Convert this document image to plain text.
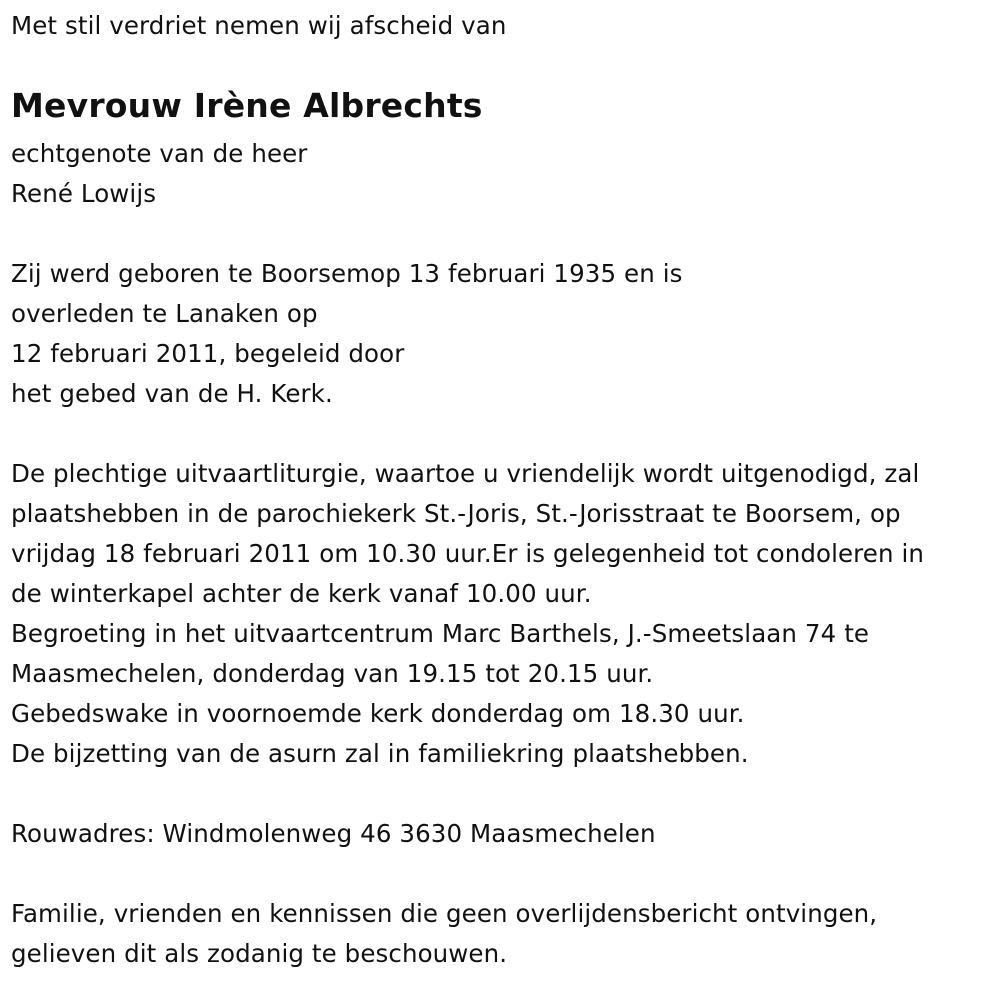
Met stil verdriet nemen wij afscheid van
Mevrouw Irène Albrechts
echtgenote van de heer
René Lowijs
Zij werd geboren te Boorsemop 13 februari 1935 en is
overleden te Lanaken op
12 februari 2011, begeleid door
het gebed van de H. Kerk.
De plechtige uitvaartliturgie, waartoe u vriendelijk wordt uitgenodigd, zal
plaatshebben in de parochiekerk St.-Joris, St.-Jorisstraat te Boorsem, op
vrijdag 18 februari 2011 om 10.30 uur.Er is gelegenheid tot condoleren in
de winterkapel achter de kerk vanaf 10.00 uur.
Begroeting in het uitvaartcentrum Marc Barthels, J.-Smeetslaan 74 te
Maasmechelen, donderdag van 19.15 tot 20.15 uur.
Gebedswake in voornoemde kerk donderdag om 18.30 uur.
De bijzetting van de asurn zal in familiekring plaatshebben.
Rouwadres: Windmolenweg 46 3630 Maasmechelen
Familie, vrienden en kennissen die geen overlijdensbericht ontvingen,
gelieven dit als zodanig te beschouwen.
